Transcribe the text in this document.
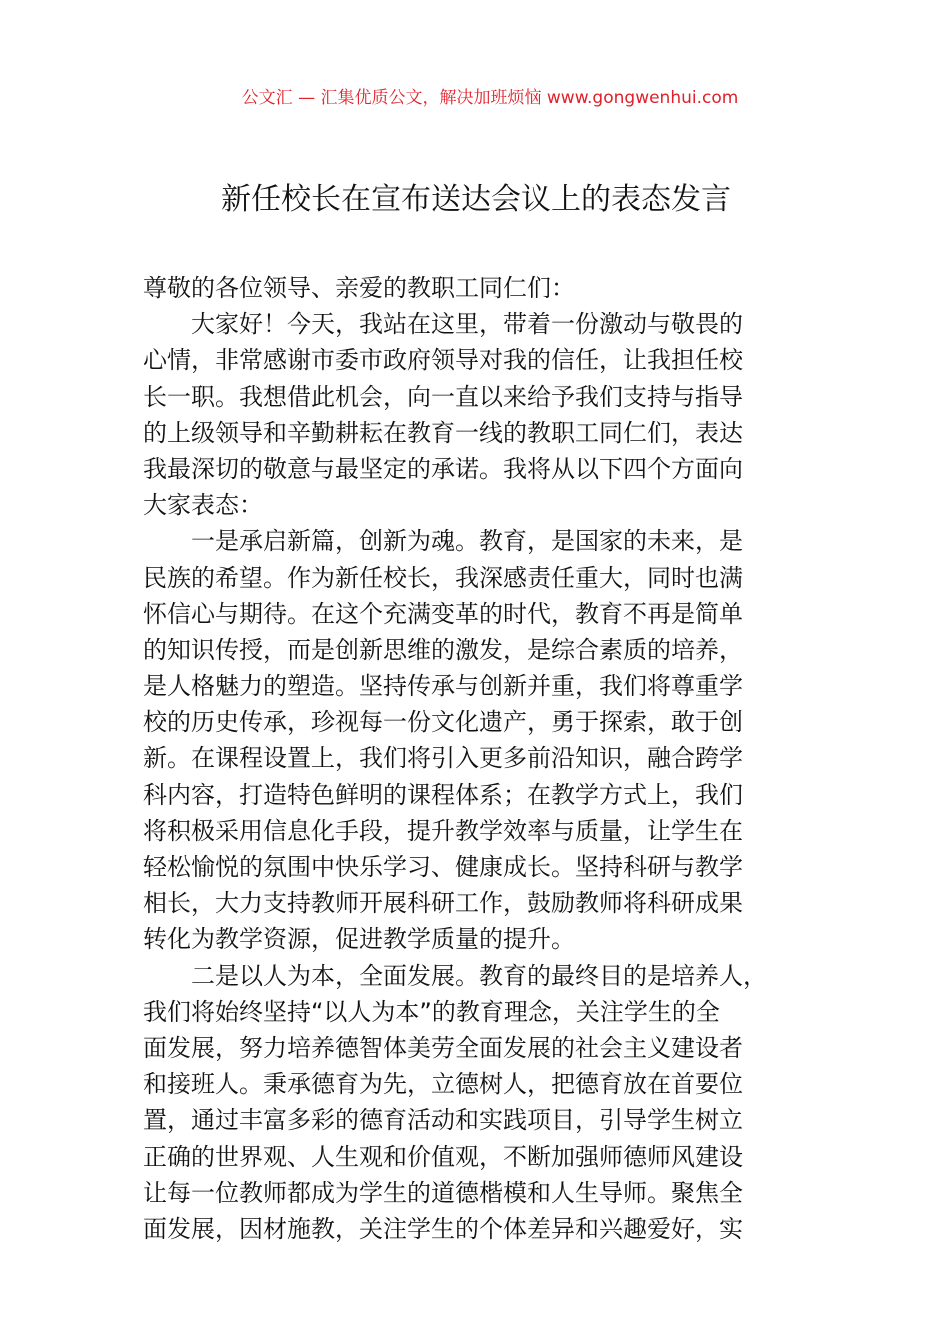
公文汇 — 汇集优质公文，解决加班烦恼 www.gongwenhui.com
新任校长在宣布送达会议上的表态发言
尊敬的各位领导、亲爱的教职工同仁们：
　　大家好！今天，我站在这里，带着一份激动与敬畏的
心情，非常感谢市委市政府领导对我的信任，让我担任校
长一职。我想借此机会，向一直以来给予我们支持与指导
的上级领导和辛勤耕耘在教育一线的教职工同仁们，表达
我最深切的敬意与最坚定的承诺。我将从以下四个方面向
大家表态：
　　一是承启新篇，创新为魂。教育，是国家的未来，是
民族的希望。作为新任校长，我深感责任重大，同时也满
怀信心与期待。在这个充满变革的时代，教育不再是简单
的知识传授，而是创新思维的激发，是综合素质的培养，
是人格魅力的塑造。坚持传承与创新并重，我们将尊重学
校的历史传承，珍视每一份文化遗产，勇于探索，敢于创
新。在课程设置上，我们将引入更多前沿知识，融合跨学
科内容，打造特色鲜明的课程体系；在教学方式上，我们
将积极采用信息化手段，提升教学效率与质量，让学生在
轻松愉悦的氛围中快乐学习、健康成长。坚持科研与教学
相长，大力支持教师开展科研工作，鼓励教师将科研成果
转化为教学资源，促进教学质量的提升。
　　二是以人为本，全面发展。教育的最终目的是培养人，
我们将始终坚持“以人为本”的教育理念，关注学生的全
面发展，努力培养德智体美劳全面发展的社会主义建设者
和接班人。秉承德育为先，立德树人，把德育放在首要位
置，通过丰富多彩的德育活动和实践项目，引导学生树立
正确的世界观、人生观和价值观，不断加强师德师风建设
让每一位教师都成为学生的道德楷模和人生导师。聚焦全
面发展，因材施教，关注学生的个体差异和兴趣爱好，实
